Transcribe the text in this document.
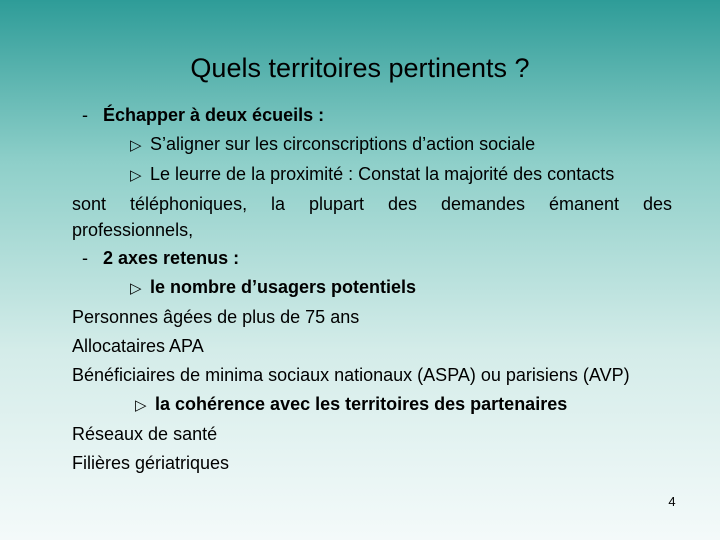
Quels territoires pertinents ?
- Échapper à deux écueils :
▷ S’aligner sur les circonscriptions d’action sociale
▷ Le leurre de la proximité : Constat la majorité des contacts
sont téléphoniques, la plupart des demandes émanent des
professionnels,
- 2 axes retenus :
▷ le nombre d’usagers potentiels
Personnes âgées de plus de 75 ans
Allocataires APA
Bénéficiaires de minima sociaux nationaux (ASPA) ou parisiens (AVP)
▷ la cohérence avec les territoires des partenaires
Réseaux de santé
Filières gériatriques
4
